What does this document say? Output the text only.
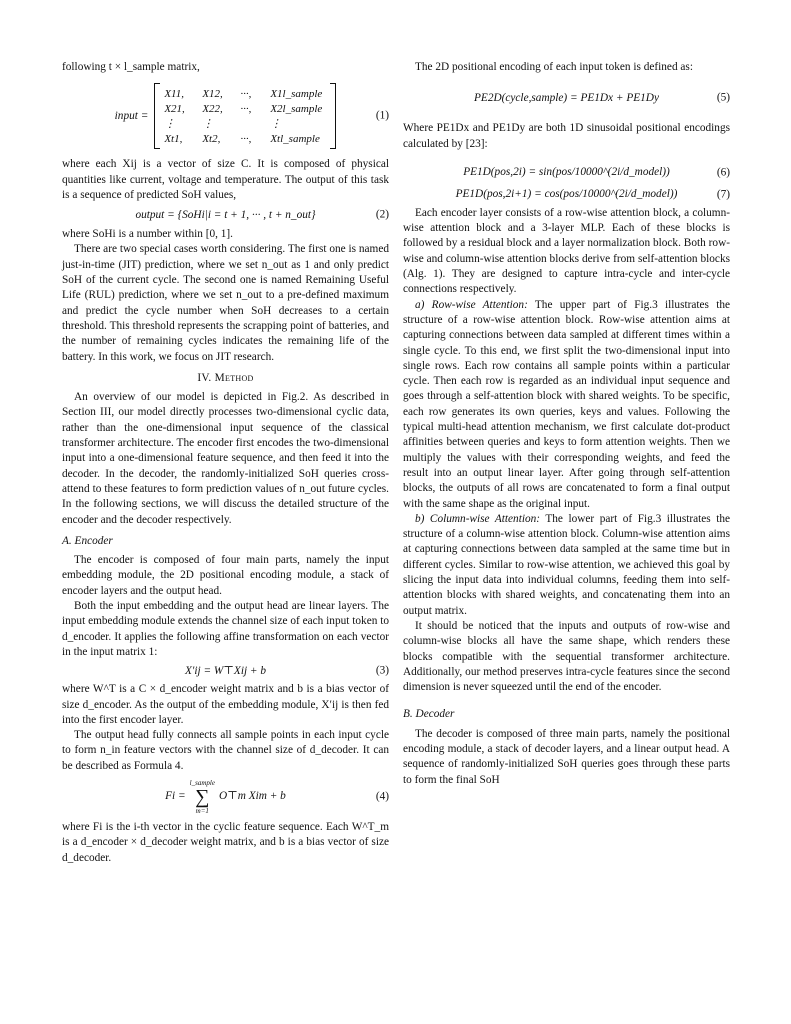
following t × l_sample matrix,

input =
X11,	X12,	···,	X1l_sample
X21,	X22,	···,	X2l_sample
⋮	⋮	⋮
Xt1,	Xt2,	···,	Xtl_sample
(1)

where each Xij is a vector of size C. It is composed of physical quantities like current, voltage and temperature. The output of this task is a sequence of predicted SoH values,

output = {SoHi|i = t + 1, ··· , t + n_out}	(2)

where SoHi is a number within [0, 1].

There are two special cases worth considering. The first one is named just-in-time (JIT) prediction, where we set n_out as 1 and only predict SoH of the current cycle. The second one is named Remaining Useful Life (RUL) prediction, where we set n_out to a pre-defined maximum and predict the cycle number when SoH decreases to a certain threshold. This threshold represents the scrapping point of batteries, and the number of remaining cycles indicates the remaining life of the battery. In this work, we focus on JIT research.

IV. Method

An overview of our model is depicted in Fig.2. As described in Section III, our model directly processes two-dimensional cyclic data, rather than the one-dimensional input sequence of the classical transformer architecture. The encoder first encodes the two-dimensional input into a one-dimensional feature sequence, and then feed it into the decoder. In the decoder, the randomly-initialized SoH queries cross-attend to these features to form prediction values of n_out future cycles. In the following sections, we will discuss the detailed structure of the encoder and the decoder respectively.

A. Encoder

The encoder is composed of four main parts, namely the input embedding module, the 2D positional encoding module, a stack of encoder layers and the output head.

Both the input embedding and the output head are linear layers. The input embedding module extends the channel size of each input token to d_encoder. It applies the following affine transformation on each vector in the input matrix 1:

X′ij = W⊤Xij + b	(3)

where W^T is a C × d_encoder weight matrix and b is a bias vector of size d_encoder. As the output of the embedding module, X′ij is then fed into the first encoder layer.

The output head fully connects all sample points in each input cycle to form n_in feature vectors with the channel size of d_decoder. It can be described as Formula 4.

Fi =
l_sample
∑
m=1
O⊤m Xim + b	(4)

where Fi is the i-th vector in the cyclic feature sequence. Each W^T_m is a d_encoder × d_decoder weight matrix, and b is a bias vector of size d_decoder.

The 2D positional encoding of each input token is defined as:

PE2D(cycle,sample) = PE1Dx + PE1Dy	(5)

Where PE1Dx and PE1Dy are both 1D sinusoidal positional encodings calculated by [23]:

PE1D(pos,2i) = sin(pos/10000^(2i/d_model))	(6)
PE1D(pos,2i+1) = cos(pos/10000^(2i/d_model))	(7)

Each encoder layer consists of a row-wise attention block, a column-wise attention block and a 3-layer MLP. Each of these blocks is followed by a residual block and a layer normalization block. Both row-wise and column-wise attention blocks derive from self-attention blocks (Alg. 1). They are designed to capture intra-cycle and inter-cycle connections respectively.

a) Row-wise Attention: The upper part of Fig.3 illustrates the structure of a row-wise attention block. Row-wise attention aims at capturing connections between data sampled at different times within a single cycle. To this end, we first split the two-dimensional input into single rows. Each row contains all sample points within a particular cycle. Then each row is regarded as an individual input sequence and goes through a self-attention block with shared weights. To be specific, each row generates its own queries, keys and values. Following the typical multi-head attention mechanism, we first calculate dot-product affinities between queries and keys to form attention weights. Then we multiply the values with their corresponding weights, and feed the result into an output linear layer. After going through self-attention blocks, the outputs of all rows are concatenated to form a final output with the same shape as the original input.

b) Column-wise Attention: The lower part of Fig.3 illustrates the structure of a column-wise attention block. Column-wise attention aims at capturing connections between data sampled at the same time but in different cycles. Similar to row-wise attention, we achieved this goal by slicing the input data into individual columns, feeding them into self-attention blocks with shared weights, and concatenating them into an output matrix.

It should be noticed that the inputs and outputs of row-wise and column-wise blocks all have the same shape, which renders these blocks compatible with the sequential transformer architecture. Additionally, our method preserves intra-cycle features since the second dimension is never squeezed until the end of the encoder.

B. Decoder

The decoder is composed of three main parts, namely the positional encoding module, a stack of decoder layers, and a linear output head. A sequence of randomly-initialized SoH queries goes through these parts to form the final SoH
